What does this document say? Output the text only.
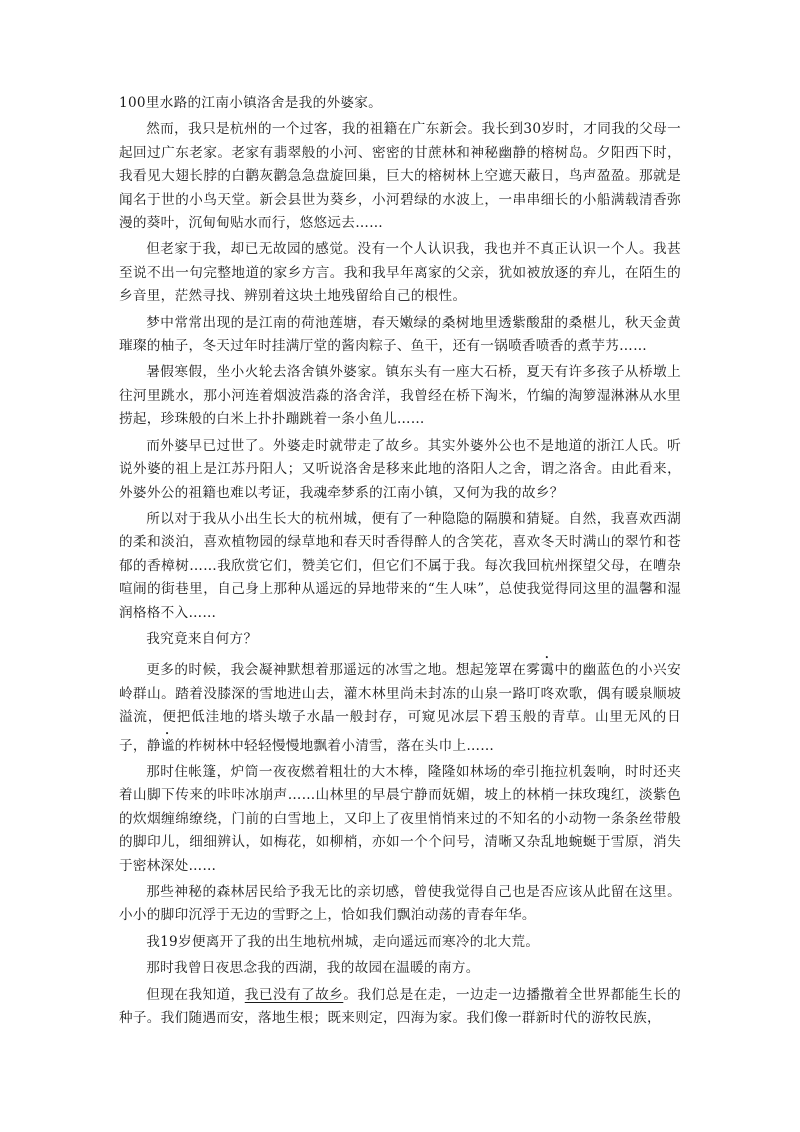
100里水路的江南小镇洛舍是我的外婆家。

然而，我只是杭州的一个过客，我的祖籍在广东新会。我长到30岁时，才同我的父母一起回过广东老家。老家有翡翠般的小河、密密的甘蔗林和神秘幽静的榕树岛。夕阳西下时，我看见大翅长脖的白鹳灰鹳急急盘旋回巢，巨大的榕树林上空遮天蔽日，鸟声盈盈。那就是闻名于世的小鸟天堂。新会县世为葵乡，小河碧绿的水波上，一串串细长的小船满载清香弥漫的葵叶，沉甸甸贴水而行，悠悠远去……

但老家于我，却已无故园的感觉。没有一个人认识我，我也并不真正认识一个人。我甚至说不出一句完整地道的家乡方言。我和我早年离家的父亲，犹如被放逐的弃儿，在陌生的乡音里，茫然寻找、辨别着这块土地残留给自己的根性。

梦中常常出现的是江南的荷池莲塘，春天嫩绿的桑树地里透紫酸甜的桑椹儿，秋天金黄璀璨的柚子，冬天过年时挂满厅堂的酱肉粽子、鱼干，还有一锅喷香喷香的煮芋艿……

暑假寒假，坐小火轮去洛舍镇外婆家。镇东头有一座大石桥，夏天有许多孩子从桥墩上往河里跳水，那小河连着烟波浩淼的洛舍洋，我曾经在桥下淘米，竹编的淘箩湿淋淋从水里捞起，珍珠般的白米上扑扑蹦跳着一条小鱼儿……

而外婆早已过世了。外婆走时就带走了故乡。其实外婆外公也不是地道的浙江人氏。听说外婆的祖上是江苏丹阳人；又听说洛舍是移来此地的洛阳人之舍，谓之洛舍。由此看来，外婆外公的祖籍也难以考证，我魂牵梦系的江南小镇，又何为我的故乡？

所以对于我从小出生长大的杭州城，便有了一种隐隐的隔膜和猜疑。自然，我喜欢西湖的柔和淡泊，喜欢植物园的绿草地和春天时香得醉人的含笑花，喜欢冬天时满山的翠竹和苍郁的香樟树……我欣赏它们，赞美它们，但它们不属于我。每次我回杭州探望父母，在嘈杂喧闹的街巷里，自己身上那种从遥远的异地带来的“生人味”，总使我觉得同这里的温馨和湿润格格不入……

我究竟来自何方？

更多的时候，我会凝神默想着那遥远的冰雪之地。想起笼罩在雾霭中的幽蓝色的小兴安岭群山。踏着没膝深的雪地进山去，灌木林里尚未封冻的山泉一路叮咚欢歌，偶有暖泉顺坡溢流，便把低洼地的塔头墩子水晶一般封存，可窥见冰层下碧玉般的青草。山里无风的日子，静谧的柞树林中轻轻慢慢地飘着小清雪，落在头巾上……

那时住帐篷，炉筒一夜夜燃着粗壮的大木棒，隆隆如林场的牵引拖拉机轰响，时时还夹着山脚下传来的咔咔冰崩声……山林里的早晨宁静而妩媚，坡上的林梢一抹玫瑰红，淡紫色的炊烟缠绵缭绕，门前的白雪地上，又印上了夜里悄悄来过的不知名的小动物一条条丝带般的脚印儿，细细辨认，如梅花，如柳梢，亦如一个个问号，清晰又杂乱地蜿蜒于雪原，消失于密林深处……

那些神秘的森林居民给予我无比的亲切感，曾使我觉得自己也是否应该从此留在这里。小小的脚印沉浮于无边的雪野之上，恰如我们飘泊动荡的青春年华。

我19岁便离开了我的出生地杭州城，走向遥远而寒冷的北大荒。

那时我曾日夜思念我的西湖，我的故园在温暖的南方。

但现在我知道，我已没有了故乡。我们总是在走，一边走一边播撒着全世界都能生长的种子。我们随遇而安，落地生根；既来则定，四海为家。我们像一群新时代的游牧民族，
